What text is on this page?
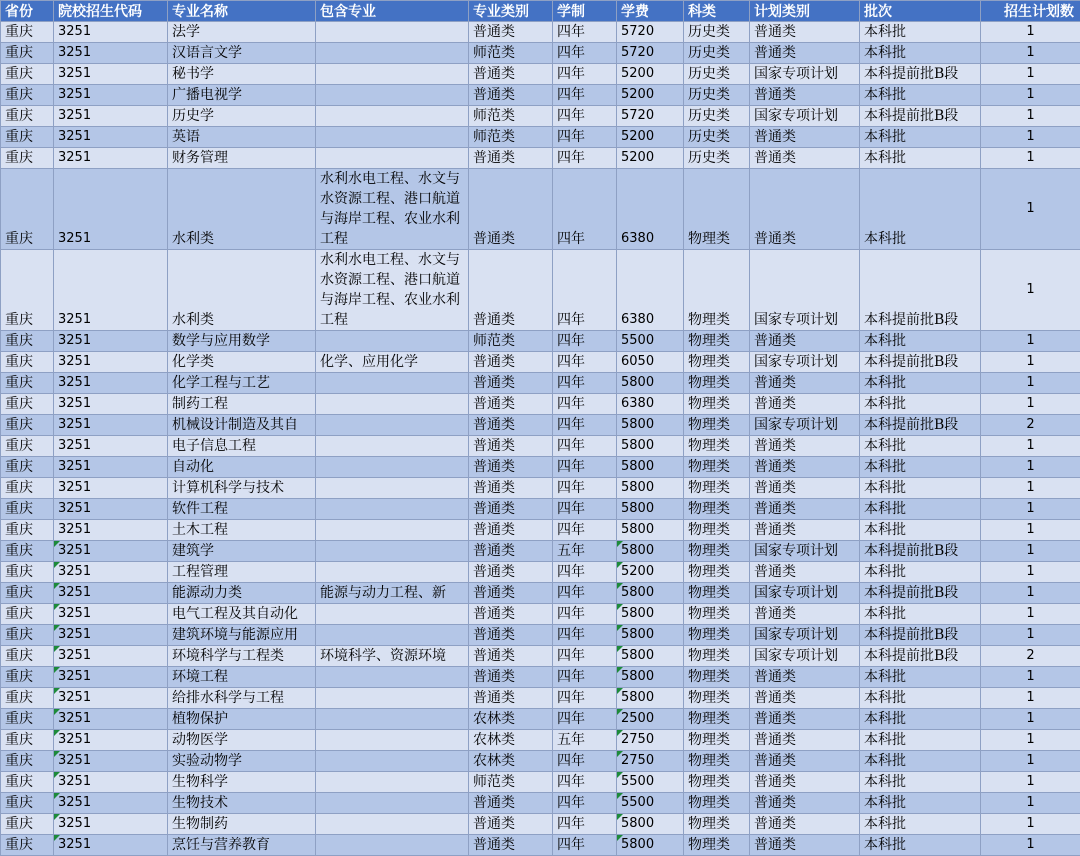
省份	院校招生代码	专业名称	包含专业	专业类别	学制	学费	科类	计划类别	批次	招生计划数
重庆	3251	法学		普通类	四年	5720	历史类	普通类	本科批	1
重庆	3251	汉语言文学		师范类	四年	5720	历史类	普通类	本科批	1
重庆	3251	秘书学		普通类	四年	5200	历史类	国家专项计划	本科提前批B段	1
重庆	3251	广播电视学		普通类	四年	5200	历史类	普通类	本科批	1
重庆	3251	历史学		师范类	四年	5720	历史类	国家专项计划	本科提前批B段	1
重庆	3251	英语		师范类	四年	5200	历史类	普通类	本科批	1
重庆	3251	财务管理		普通类	四年	5200	历史类	普通类	本科批	1
重庆	3251	水利类	水利水电工程、水文与水资源工程、港口航道与海岸工程、农业水利工程	普通类	四年	6380	物理类	普通类	本科批	1
重庆	3251	水利类	水利水电工程、水文与水资源工程、港口航道与海岸工程、农业水利工程	普通类	四年	6380	物理类	国家专项计划	本科提前批B段	1
重庆	3251	数学与应用数学		师范类	四年	5500	物理类	普通类	本科批	1
重庆	3251	化学类	化学、应用化学	普通类	四年	6050	物理类	国家专项计划	本科提前批B段	1
重庆	3251	化学工程与工艺		普通类	四年	5800	物理类	普通类	本科批	1
重庆	3251	制药工程		普通类	四年	6380	物理类	普通类	本科批	1
重庆	3251	机械设计制造及其自		普通类	四年	5800	物理类	国家专项计划	本科提前批B段	2
重庆	3251	电子信息工程		普通类	四年	5800	物理类	普通类	本科批	1
重庆	3251	自动化		普通类	四年	5800	物理类	普通类	本科批	1
重庆	3251	计算机科学与技术		普通类	四年	5800	物理类	普通类	本科批	1
重庆	3251	软件工程		普通类	四年	5800	物理类	普通类	本科批	1
重庆	3251	土木工程		普通类	四年	5800	物理类	普通类	本科批	1
重庆	3251	建筑学		普通类	五年	5800	物理类	国家专项计划	本科提前批B段	1
重庆	3251	工程管理		普通类	四年	5200	物理类	普通类	本科批	1
重庆	3251	能源动力类	能源与动力工程、新	普通类	四年	5800	物理类	国家专项计划	本科提前批B段	1
重庆	3251	电气工程及其自动化		普通类	四年	5800	物理类	普通类	本科批	1
重庆	3251	建筑环境与能源应用		普通类	四年	5800	物理类	国家专项计划	本科提前批B段	1
重庆	3251	环境科学与工程类	环境科学、资源环境	普通类	四年	5800	物理类	国家专项计划	本科提前批B段	2
重庆	3251	环境工程		普通类	四年	5800	物理类	普通类	本科批	1
重庆	3251	给排水科学与工程		普通类	四年	5800	物理类	普通类	本科批	1
重庆	3251	植物保护		农林类	四年	2500	物理类	普通类	本科批	1
重庆	3251	动物医学		农林类	五年	2750	物理类	普通类	本科批	1
重庆	3251	实验动物学		农林类	四年	2750	物理类	普通类	本科批	1
重庆	3251	生物科学		师范类	四年	5500	物理类	普通类	本科批	1
重庆	3251	生物技术		普通类	四年	5500	物理类	普通类	本科批	1
重庆	3251	生物制药		普通类	四年	5800	物理类	普通类	本科批	1
重庆	3251	烹饪与营养教育		普通类	四年	5800	物理类	普通类	本科批	1
